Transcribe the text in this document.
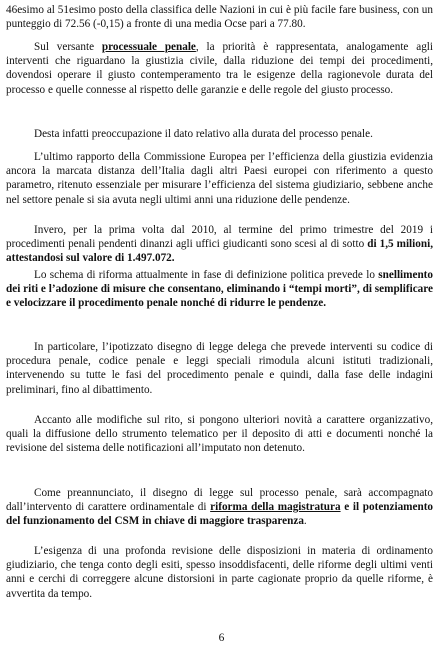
46esimo al 51esimo posto della classifica delle Nazioni in cui è più facile fare business, con un punteggio di 72.56 (-0,15) a fronte di una media Ocse pari a 77.80.

Sul versante processuale penale, la priorità è rappresentata, analogamente agli interventi che riguardano la giustizia civile, dalla riduzione dei tempi dei procedimenti, dovendosi operare il giusto contemperamento tra le esigenze della ragionevole durata del processo e quelle connesse al rispetto delle garanzie e delle regole del giusto processo.

Desta infatti preoccupazione il dato relativo alla durata del processo penale.

L’ultimo rapporto della Commissione Europea per l’efficienza della giustizia evidenzia ancora la marcata distanza dell’Italia dagli altri Paesi europei con riferimento a questo parametro, ritenuto essenziale per misurare l’efficienza del sistema giudiziario, sebbene anche nel settore penale si sia avuta negli ultimi anni una riduzione delle pendenze.

Invero, per la prima volta dal 2010, al termine del primo trimestre del 2019 i procedimenti penali pendenti dinanzi agli uffici giudicanti sono scesi al di sotto di 1,5 milioni, attestandosi sul valore di 1.497.072.

Lo schema di riforma attualmente in fase di definizione politica prevede lo snellimento dei riti e l’adozione di misure che consentano, eliminando i “tempi morti”, di semplificare e velocizzare il procedimento penale nonché di ridurre le pendenze.

In particolare, l’ipotizzato disegno di legge delega che prevede interventi su codice di procedura penale, codice penale e leggi speciali rimodula alcuni istituti tradizionali, intervenendo su tutte le fasi del procedimento penale e quindi, dalla fase delle indagini preliminari, fino al dibattimento.

Accanto alle modifiche sul rito, si pongono ulteriori novità a carattere organizzativo, quali la diffusione dello strumento telematico per il deposito di atti e documenti nonché la revisione del sistema delle notificazioni all’imputato non detenuto.

Come preannunciato, il disegno di legge sul processo penale, sarà accompagnato dall’intervento di carattere ordinamentale di riforma della magistratura e il potenziamento del funzionamento del CSM in chiave di maggiore trasparenza.

L’esigenza di una profonda revisione delle disposizioni in materia di ordinamento giudiziario, che tenga conto degli esiti, spesso insoddisfacenti, delle riforme degli ultimi venti anni e cerchi di correggere alcune distorsioni in parte cagionate proprio da quelle riforme, è avvertita da tempo.

6
